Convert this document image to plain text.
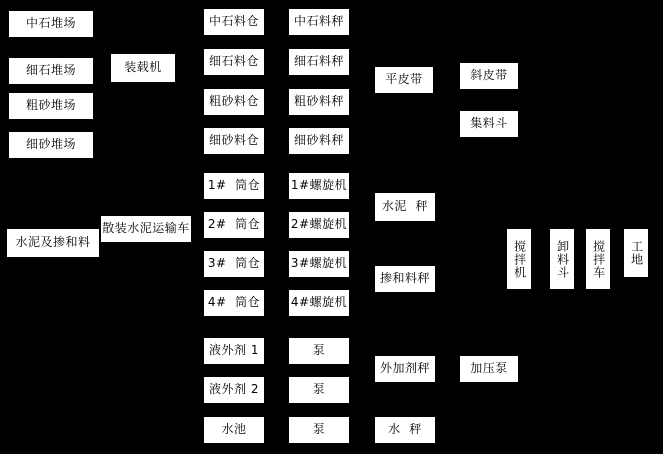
中石堆场
细石堆场
粗砂堆场
细砂堆场
装载机
中石料仓
细石料仓
粗砂料仓
细砂料仓
中石料秤
细石料秤
粗砂料秤
细砂料秤
平皮带	斜皮带
集料斗
1#  筒仓
2#  筒仓
3#  筒仓
4#  筒仓
1#螺旋机
2#螺旋机
3#螺旋机
4#螺旋机
水泥  秤
掺和料秤
水泥及掺和料
散装水泥运输车
搅拌机	卸料斗	搅拌车	工地
液外剂 1
液外剂 2
水池
泵
泵
泵
外加剂秤
水  秤
加压泵
